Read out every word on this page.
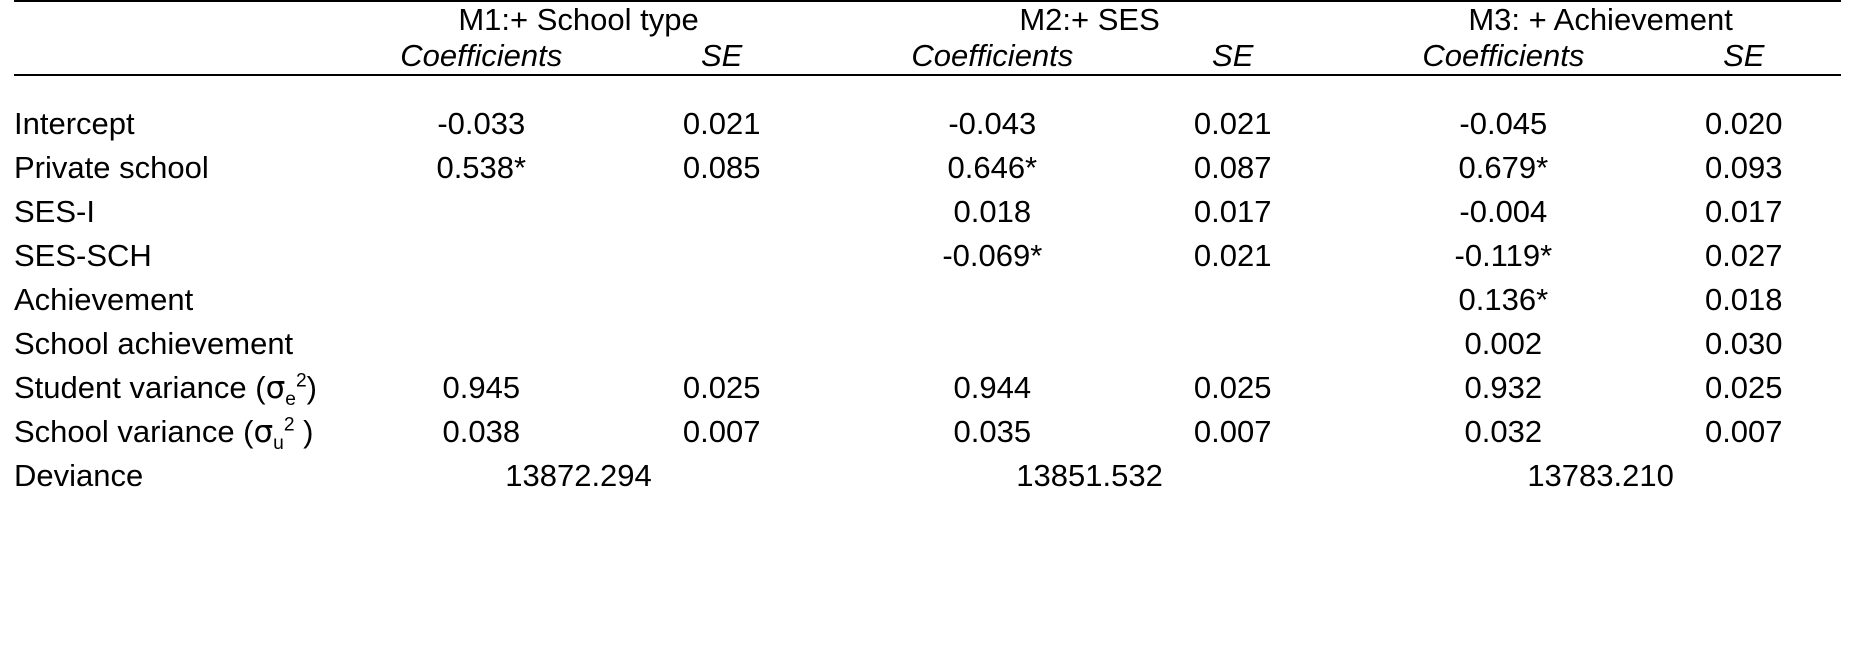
	M1:+ School type			M2:+ SES			M3: + Achievement	
	Coefficients	SE		Coefficients	SE		Coefficients	SE

Intercept	-0.033	0.021		-0.043	0.021		-0.045	0.020
Private school	0.538*	0.085		0.646*	0.087		0.679*	0.093
SES-I				0.018	0.017		-0.004	0.017
SES-SCH				-0.069*	0.021		-0.119*	0.027
Achievement							0.136*	0.018
School achievement							0.002	0.030
Student variance $(\sigma_e^2)$	0.945	0.025		0.944	0.025		0.932	0.025
School variance ($\sigma_u^2$ )	0.038	0.007		0.035	0.007		0.032	0.007
Deviance	13872.294			13851.532			13783.210	
